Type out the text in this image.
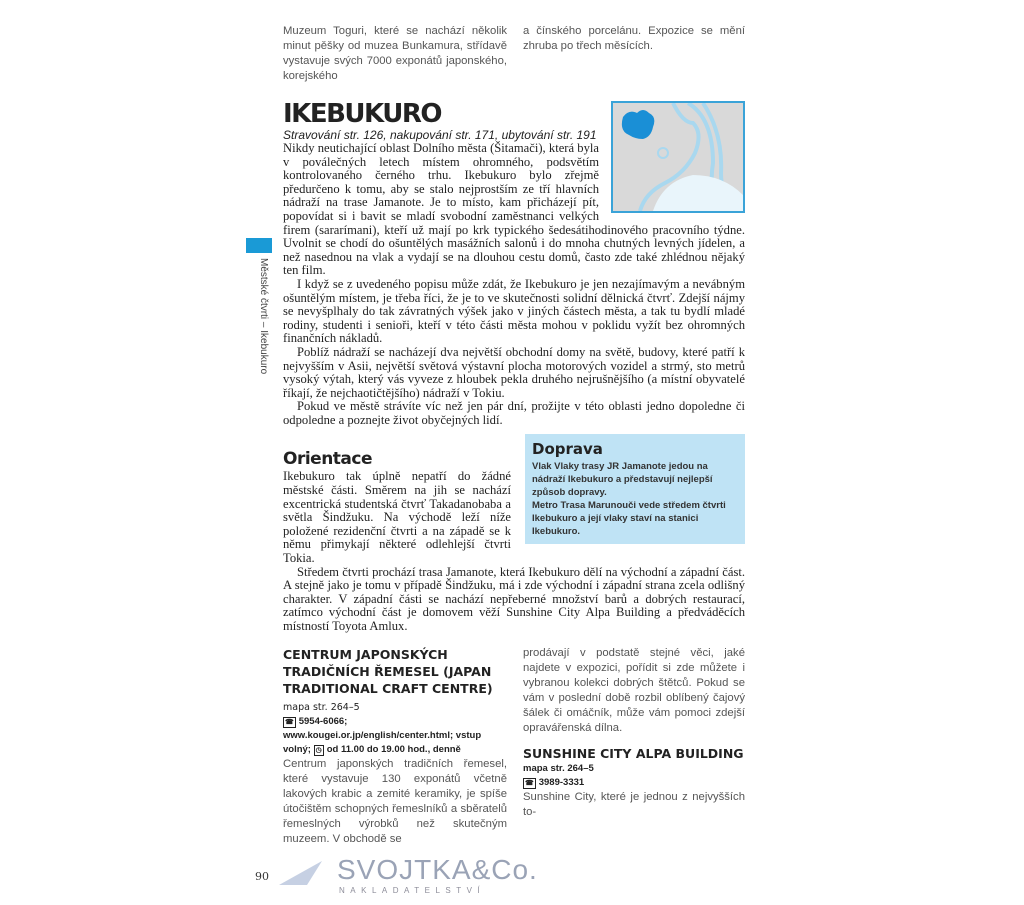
Městské čtvrti – Ikebukuro
Muzeum Toguri, které se nachází několik minut pěšky od muzea Bunkamura, střídavě vystavuje svých 7000 exponátů japonského, korejského
a čínského porcelánu. Expozice se mění zhruba po třech měsících.
IKEBUKURO
Stravování str. 126, nakupování str. 171, ubytování str. 191

Nikdy neutichající oblast Dolního města (Šitamači), která byla v poválečných letech místem ohromného, podsvětím kontrolovaného černého trhu. Ikebukuro bylo zřejmě předurčeno k tomu, aby se stalo nejprostším ze tří hlavních nádraží na trase Jamanote. Je to místo, kam přicházejí pít, popovídat si i bavit se mladí svobodní zaměstnanci velkých firem (sararímani), kteří už mají po krk typického šedesátihodinového pracovního týdne. Uvolnit se chodí do ošuntělých masážních salonů i do mnoha chutných levných jídelen, a než nasednou na vlak a vydají se na dlouhou cestu domů, často zde také zhlédnou nějaký ten film.

I když se z uvedeného popisu může zdát, že Ikebukuro je jen nezajímavým a nevábným ošuntělým místem, je třeba říci, že je to ve skutečnosti solidní dělnická čtvrť. Zdejší nájmy se nevyšplhaly do tak závratných výšek jako v jiných částech města, a tak tu bydlí mladé rodiny, studenti i senioři, kteří v této části města mohou v poklidu vyžít bez ohromných finančních nákladů.

Poblíž nádraží se nacházejí dva největší obchodní domy na světě, budovy, které patří k nejvyšším v Asii, největší světová výstavní plocha motorových vozidel a strmý, sto metrů vysoký výtah, který vás vyveze z hloubek pekla druhého nejrušnějšího (a místní obyvatelé říkají, že nejchaotičtějšího) nádraží v Tokiu.

Pokud ve městě strávíte víc než jen pár dní, prožijte v této oblasti jedno dopoledne či odpoledne a poznejte život obyčejných lidí.

Doprava

Vlak Vlaky trasy JR Jamanote jedou na nádraží Ikebukuro a představují nejlepší způsob dopravy.

Metro Trasa Marunouči vede středem čtvrti Ikebukuro a její vlaky staví na stanici Ikebukuro.

Orientace

Ikebukuro tak úplně nepatří do žádné městské části. Směrem na jih se nachází excentrická studentská čtvrť Takadanobaba a světla Šindžuku. Na východě leží níže položené rezidenční čtvrti a na západě se k němu přimykají některé odlehlejší čtvrti Tokia.

Středem čtvrti prochází trasa Jamanote, která Ikebukuro dělí na východní a západní část. A stejně jako je tomu v případě Šindžuku, má i zde východní i západní strana zcela odlišný charakter. V západní části se nachází nepřeberné množství barů a dobrých restaurací, zatímco východní část je domovem věží Sunshine City Alpa Building a předváděcích místností Toyota Amlux.

CENTRUM JAPONSKÝCH TRADIČNÍCH ŘEMESEL (JAPAN TRADITIONAL CRAFT CENTRE) mapa str. 264–5
☎ 5954-6066; www.kougei.or.jp/english/center.html; vstup volný; ◷ od 11.00 do 19.00 hod., denně
Centrum japonských tradičních řemesel, které vystavuje 130 exponátů včetně lakových krabic a zemité keramiky, je spíše útočištěm schopných řemeslníků a sběratelů řemeslných výrobků než skutečným muzeem. V obchodě se
prodávají v podstatě stejné věci, jaké najdete v expozici, pořídit si zde můžete i vybranou kolekci dobrých štětců. Pokud se vám v poslední době rozbil oblíbený čajový šálek či omáčník, může vám pomoci zdejší opravářenská dílna.
SUNSHINE CITY ALPA BUILDING
mapa str. 264–5
☎ 3989-3331
Sunshine City, které je jednou z nejvyšších to-
90 SVOJTKA&Co.
NAKLADATELSTVÍ
